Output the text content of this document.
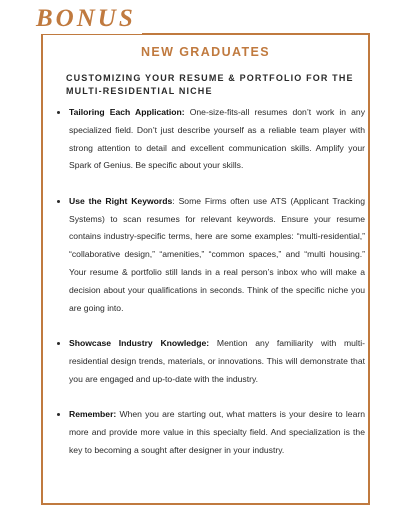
BONUS
NEW GRADUATES
CUSTOMIZING YOUR RESUME & PORTFOLIO FOR THE MULTI-RESIDENTIAL NICHE
• Tailoring Each Application: One-size-fits-all resumes don’t work in any specialized field. Don’t just describe yourself as a reliable team player with strong attention to detail and excellent communication skills. Amplify your Spark of Genius. Be specific about your skills.
• Use the Right Keywords: Some Firms often use ATS (Applicant Tracking Systems) to scan resumes for relevant keywords. Ensure your resume contains industry-specific terms, here are some examples: “multi-residential,” “collaborative design,” “amenities,” “common spaces,” and “multi housing.” Your resume & portfolio still lands in a real person’s inbox who will make a decision about your qualifications in seconds. Think of the specific niche you are going into.
• Showcase Industry Knowledge: Mention any familiarity with multi-residential design trends, materials, or innovations. This will demonstrate that you are engaged and up-to-date with the industry.
• Remember: When you are starting out, what matters is your desire to learn more and provide more value in this specialty field. And specialization is the key to becoming a sought after designer in your industry.
